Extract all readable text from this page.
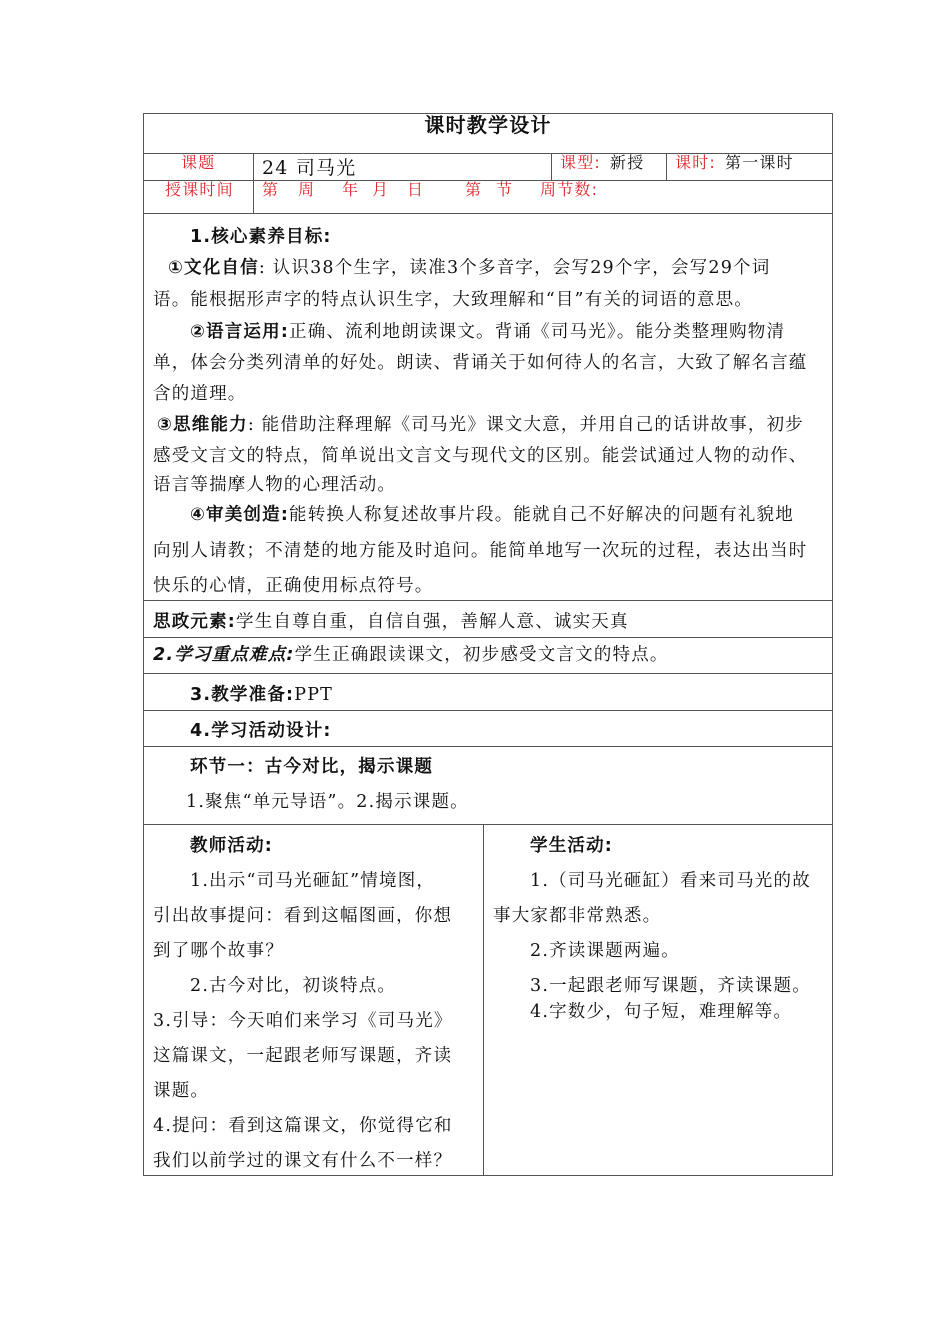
课时教学设计
课题 24 司马光	课型: 新授 课时: 第一课时
授课时间 第 周 年 月 日	第 节 周节数:
1.核心素养目标:
①文化自信: 认识38个生字，读准3个多音字，会写29个字，会写29个词
语。能根据形声字的特点认识生字，大致理解和“目”有关的词语的意思。
②语言运用:正确、流利地朗读课文。背诵《司马光》。能分类整理购物清
单，体会分类列清单的好处。朗读、背诵关于如何待人的名言，大致了解名言蕴
含的道理。
③思维能力: 能借助注释理解《司马光》课文大意，并用自己的话讲故事，初步
感受文言文的特点，简单说出文言文与现代文的区别。能尝试通过人物的动作、
语言等揣摩人物的心理活动。
④审美创造:能转换人称复述故事片段。能就自己不好解决的问题有礼貌地
向别人请教；不清楚的地方能及时追问。能简单地写一次玩的过程，表达出当时
快乐的心情，正确使用标点符号。
思政元素:学生自尊自重，自信自强，善解人意、诚实天真
2.学习重点难点:学生正确跟读课文，初步感受文言文的特点。
3.教学准备:PPT
4.学习活动设计:
环节一：古今对比，揭示课题
1.聚焦“单元导语”。2.揭示课题。
教师活动:
1.出示“司马光砸缸”情境图，
引出故事提问：看到这幅图画，你想
到了哪个故事？
2.古今对比，初谈特点。
3.引导：今天咱们来学习《司马光》
这篇课文，一起跟老师写课题，齐读
课题。
4.提问：看到这篇课文，你觉得它和
我们以前学过的课文有什么不一样？
学生活动:
1.（司马光砸缸）看来司马光的故
事大家都非常熟悉。
2.齐读课题两遍。
3.一起跟老师写课题，齐读课题。
4.字数少，句子短，难理解等。
